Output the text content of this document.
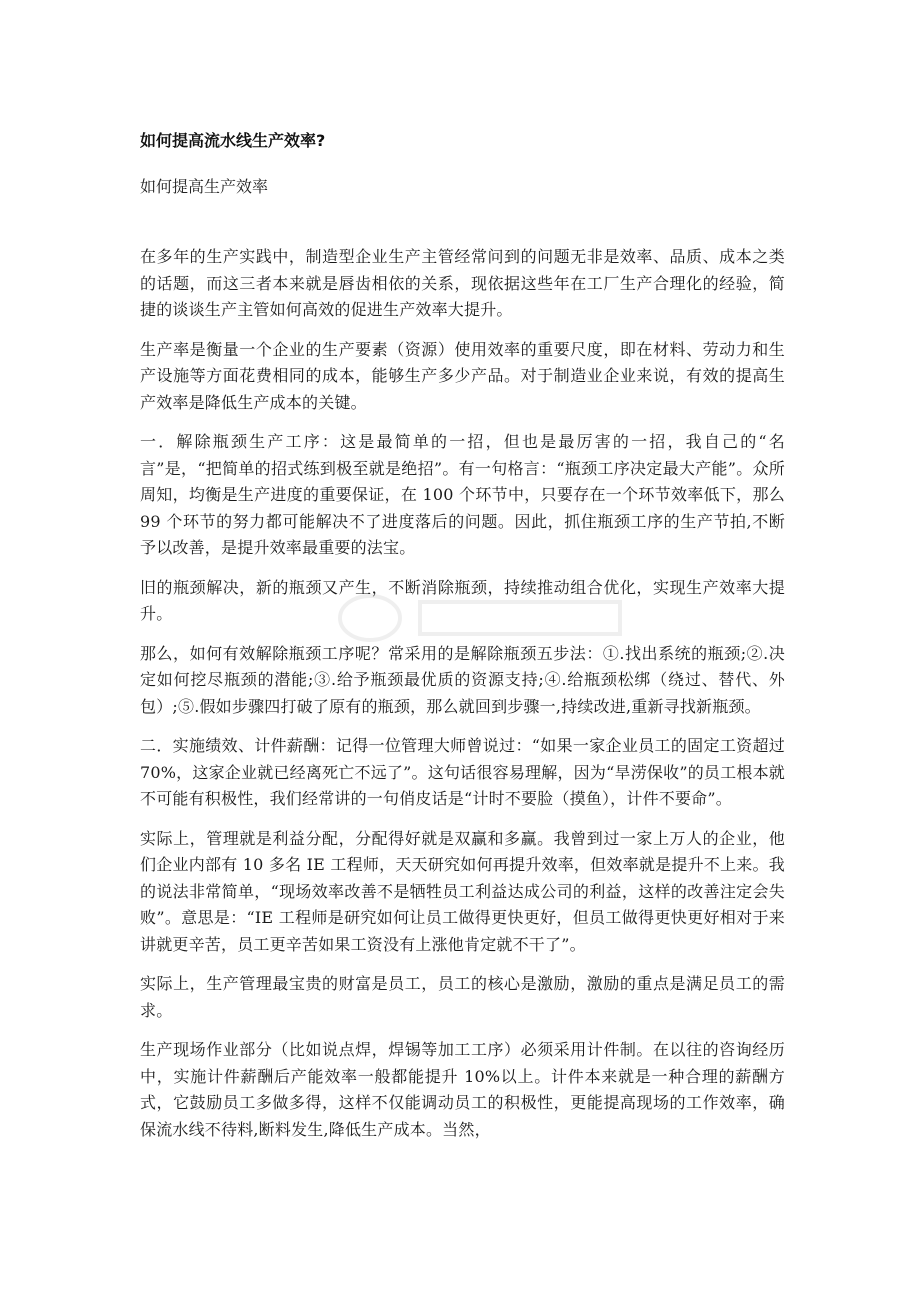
如何提高流水线生产效率?
如何提高生产效率

在多年的生产实践中，制造型企业生产主管经常问到的问题无非是效率、品质、成本之类的话题，而这三者本来就是唇齿相依的关系，现依据这些年在工厂生产合理化的经验，简捷的谈谈生产主管如何高效的促进生产效率大提升。

生产率是衡量一个企业的生产要素（资源）使用效率的重要尺度，即在材料、劳动力和生产设施等方面花费相同的成本，能够生产多少产品。对于制造业企业来说，有效的提高生产效率是降低生产成本的关键。

一．解除瓶颈生产工序：这是最简单的一招，但也是最厉害的一招，我自己的“名言”是，“把简单的招式练到极至就是绝招”。有一句格言：“瓶颈工序决定最大产能”。众所周知，均衡是生产进度的重要保证，在 100 个环节中，只要存在一个环节效率低下，那么 99 个环节的努力都可能解决不了进度落后的问题。因此，抓住瓶颈工序的生产节拍,不断予以改善，是提升效率最重要的法宝。

旧的瓶颈解决，新的瓶颈又产生，不断消除瓶颈，持续推动组合优化，实现生产效率大提升。

那么，如何有效解除瓶颈工序呢？常采用的是解除瓶颈五步法：①.找出系统的瓶颈;②.决定如何挖尽瓶颈的潜能;③.给予瓶颈最优质的资源支持;④.给瓶颈松绑（绕过、替代、外包）;⑤.假如步骤四打破了原有的瓶颈，那么就回到步骤一,持续改进,重新寻找新瓶颈。

二．实施绩效、计件薪酬：记得一位管理大师曾说过：“如果一家企业员工的固定工资超过 70%，这家企业就已经离死亡不远了”。这句话很容易理解，因为“旱涝保收”的员工根本就不可能有积极性，我们经常讲的一句俏皮话是“计时不要脸（摸鱼），计件不要命”。

实际上，管理就是利益分配，分配得好就是双赢和多赢。我曾到过一家上万人的企业，他们企业内部有 10 多名 IE 工程师，天天研究如何再提升效率，但效率就是提升不上来。我的说法非常简单，“现场效率改善不是牺牲员工利益达成公司的利益，这样的改善注定会失败”。意思是：“IE 工程师是研究如何让员工做得更快更好，但员工做得更快更好相对于来讲就更辛苦，员工更辛苦如果工资没有上涨他肯定就不干了”。

实际上，生产管理最宝贵的财富是员工，员工的核心是激励，激励的重点是满足员工的需求。

生产现场作业部分（比如说点焊，焊锡等加工工序）必须采用计件制。在以往的咨询经历中，实施计件薪酬后产能效率一般都能提升 10%以上。计件本来就是一种合理的薪酬方式，它鼓励员工多做多得，这样不仅能调动员工的积极性，更能提高现场的工作效率，确保流水线不待料,断料发生,降低生产成本。当然，
